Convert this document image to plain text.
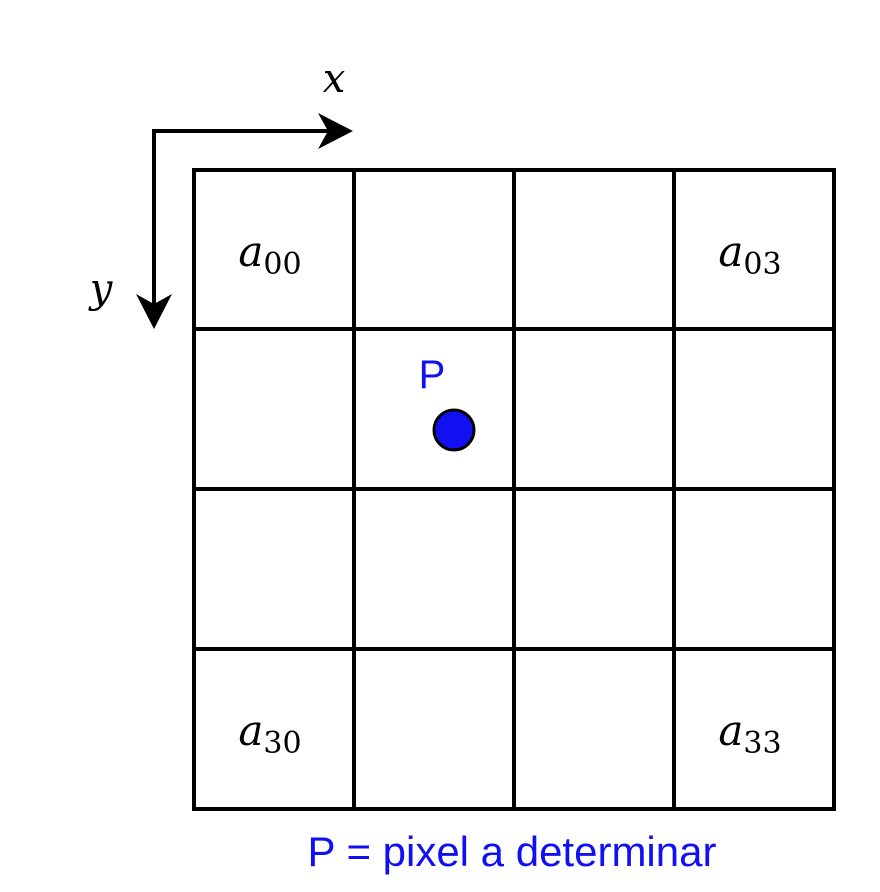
x
y
a00	a03
a30	a33
P
P = pixel a determinar
